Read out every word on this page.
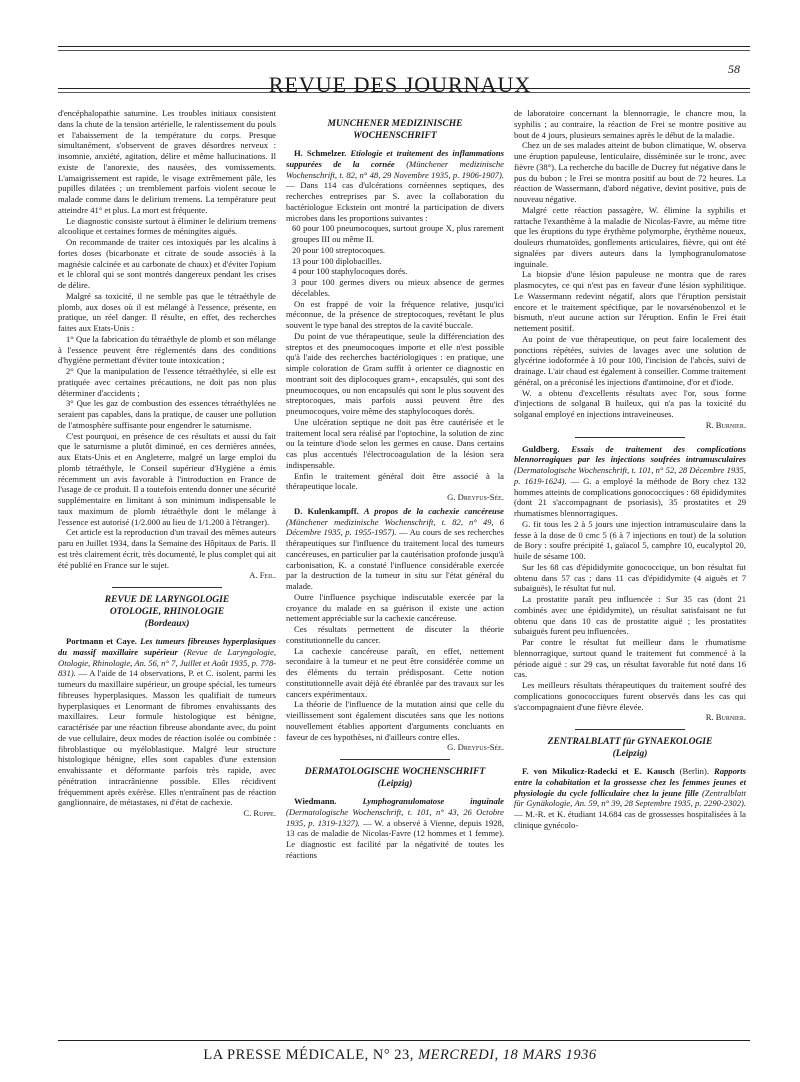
REVUE DES JOURNAUX
58

d'encéphalopathie saturnine. Les troubles initiaux consistent dans la chute de la tension artérielle, le ralentissement du pouls et l'abaissement de la température du corps. Presque simultanément, s'observent de graves désordres nerveux : insomnie, anxiété, agitation, délire et même hallucinations. Il existe de l'anorexie, des nausées, des vomissements. L'amaigrissement est rapide, le visage extrêmement pâle, les pupilles dilatées ; un tremblement parfois violent secoue le malade comme dans le delirium tremens. La température peut atteindre 41° et plus. La mort est fréquente.

Le diagnostic consiste surtout à éliminer le delirium tremens alcoolique et certaines formes de méningites aiguës.

On recommande de traiter ces intoxiqués par les alcalins à fortes doses (bicarbonate et citrate de soude associés à la magnésie calcinée et au carbonate de chaux) et d'éviter l'opium et le chloral qui se sont montrés dangereux pendant les crises de délire.

Malgré sa toxicité, il ne semble pas que le tétraéthyle de plomb, aux doses où il est mélangé à l'essence, présente, en pratique, un réel danger. Il résulte, en effet, des recherches faites aux Etats-Unis :

1° Que la fabrication du tétraéthyle de plomb et son mélange à l'essence peuvent être réglementés dans des conditions d'hygiène permettant d'éviter toute intoxication ;

2° Que la manipulation de l'essence tétraéthylée, si elle est pratiquée avec certaines précautions, ne doit pas non plus déterminer d'accidents ;

3° Que les gaz de combustion des essences tétraéthylées ne seraient pas capables, dans la pratique, de causer une pollution de l'atmosphère suffisante pour engendrer le saturnisme.

C'est pourquoi, en présence de ces résultats et aussi du fait que le saturnisme a plutôt diminué, en ces dernières années, aux Etats-Unis et en Angleterre, malgré un large emploi du plomb tétraéthyle, le Conseil supérieur d'Hygiène a émis récemment un avis favorable à l'introduction en France de l'usage de ce produit. Il a toutefois entendu donner une sécurité supplémentaire en limitant à son minimum indispensable le taux maximum de plomb tétraéthyle dont le mélange à l'essence est autorisé (1/2.000 au lieu de 1/1.200 à l'étranger).

Cet article est la reproduction d'un travail des mêmes auteurs paru en Juillet 1934, dans la Semaine des Hôpitaux de Paris. Il est très clairement écrit, très documenté, le plus complet qui ait été publié en France sur le sujet.

A. Feil.

REVUE DE LARYNGOLOGIE
OTOLOGIE, RHINOLOGIE
(Bordeaux)

Portmann et Caye. Les tumeurs fibreuses hyperplasiques du massif maxillaire supérieur (Revue de Laryngologie, Otologie, Rhinologie, An. 56, n° 7, Juillet et Août 1935, p. 778-831). — A l'aide de 14 observations, P. et C. isolent, parmi les tumeurs du maxillaire supérieur, un groupe spécial, les tumeurs fibreuses hyperplasiques. Masson les qualifiait de tumeurs hyperplasiques et Lenormant de fibromes envahissants des maxillaires. Leur formule histologique est bénigne, caractérisée par une réaction fibreuse abondante avec, du point de vue cellulaire, deux modes de réaction isolée ou combinée : fibroblastique ou myéloblastique. Malgré leur structure histologique bénigne, elles sont capables d'une extension envahissante et déformante parfois très rapide, avec pénétration intracrânienne possible. Elles récidivent fréquemment après exérèse. Elles n'entraînent pas de réaction ganglionnaire, de métastases, ni d'état de cachexie.

C. Ruppe.

MUNCHENER MEDIZINISCHE
WOCHENSCHRIFT

H. Schmelzer. Etiologie et traitement des inflammations suppurées de la cornée (Münchener medizinische Wochenschrift, t. 82, n° 48, 29 Novembre 1935, p. 1906-1907). — Dans 114 cas d'ulcérations cornéennes septiques, des recherches entreprises par S. avec la collaboration du bactériologue Eckstein ont montré la participation de divers microbes dans les proportions suivantes :

60 pour 100 pneumocoques, surtout groupe X, plus rarement groupes III ou même II.

20 pour 100 streptocoques.

13 pour 100 diplobacilles.

4 pour 100 staphylocoques dorés.

3 pour 100 germes divers ou mieux absence de germes décelables.

On est frappé de voir la fréquence relative, jusqu'ici méconnue, de la présence de streptocoques, revêtant le plus souvent le type banal des streptos de la cavité buccale.

Du point de vue thérapeutique, seule la différenciation des streptos et des pneumocoques importe et elle n'est possible qu'à l'aide des recherches bactériologiques : en pratique, une simple coloration de Gram suffit à orienter ce diagnostic en montrant soit des diplocoques gram+, encapsulés, qui sont des pneumocoques, ou non encapsulés qui sont le plus souvent des streptocoques, mais parfois aussi peuvent être des pneumocoques, voire même des staphylocoques dorés.

Une ulcération septique ne doit pas être cautérisée et le traitement local sera réalisé par l'optochine, la solution de zinc ou la teinture d'iode selon les germes en cause. Dans certains cas plus accentués l'électrocoagulation de la lésion sera indispensable.

Enfin le traitement général doit être associé à la thérapeutique locale.

G. Dreyfus-Sée.

D. Kulenkampff. A propos de la cachexie cancéreuse (Münchener medizinische Wochenschrift, t. 82, n° 49, 6 Décembre 1935, p. 1955-1957). — Au cours de ses recherches thérapeutiques sur l'influence du traitement local des tumeurs cancéreuses, en particulier par la cautérisation profonde jusqu'à carbonisation, K. a constaté l'influence considérable exercée par la destruction de la tumeur in situ sur l'état général du malade.

Outre l'influence psychique indiscutable exercée par la croyance du malade en sa guérison il existe une action nettement appréciable sur la cachexie cancéreuse.

Ces résultats permettent de discuter la théorie constitutionnelle du cancer.

La cachexie cancéreuse paraît, en effet, nettement secondaire à la tumeur et ne peut être considérée comme un des éléments du terrain prédisposant. Cette notion constitutionnelle avait déjà été ébranlée par des travaux sur les cancers expérimentaux.

La théorie de l'influence de la mutation ainsi que celle du vieillissement sont également discutées sans que les notions nouvellement établies apportent d'arguments concluants en faveur de ces hypothèses, ni d'ailleurs contre elles.

G. Dreyfus-Sée.

DERMATOLOGISCHE WOCHENSCHRIFT
(Leipzig)

Wiedmann.	Lymphogranulomatose inguinale (Dermatologische Wochenschrift, t. 101, n° 43, 26 Octobre 1935, p. 1319-1327). — W. a observé à Vienne, depuis 1928, 13 cas de maladie de Nicolas-Favre (12 hommes et 1 femme). Le diagnostic est facilité par la négativité de toutes les réactions

de laboratoire concernant la blennorragie, le chancre mou, la syphilis ; au contraire, la réaction de Frei se montre positive au bout de 4 jours, plusieurs semaines après le début de la maladie.

Chez un de ses malades atteint de bubon climatique, W. observa une éruption papuleuse, lenticulaire, disséminée sur le tronc, avec fièvre (38°). La recherche du bacille de Ducrey fut négative dans le pus du bubon ; le Frei se montra positif au bout de 72 heures. La réaction de Wassermann, d'abord négative, devint positive, puis de nouveau négative.

Malgré cette réaction passagère, W. élimine la syphilis et rattache l'exanthème à la maladie de Nicolas-Favre, au même titre que les éruptions du type érythème polymorphe, érythème noueux, douleurs rhumatoïdes, gonflements articulaires, fièvre, qui ont été signalées par divers auteurs dans la lymphogranulomatose inguinale.

La biopsie d'une lésion papuleuse ne montra que de rares plasmocytes, ce qui n'est pas en faveur d'une lésion syphilitique. Le Wassermann redevint négatif, alors que l'éruption persistait encore et le traitement spécifique, par le novarsénobenzol et le bismuth, n'eut aucune action sur l'éruption. Enfin le Frei était nettement positif.

Au point de vue thérapeutique, on peut faire localement des ponctions répétées, suivies de lavages avec une solution de glycérine iodoformée à 10 pour 100, l'incision de l'abcès, suivi de drainage. L'air chaud est également à conseiller. Comme traitement général, on a préconisé les injections d'antimoine, d'or et d'iode.

W. a obtenu d'excellents résultats avec l'or, sous forme d'injections de solganal B huileux, qui n'a pas la toxicité du solganal employé en injections intraveineuses.

R. Burnier.

Guldberg. Essais de traitement des complications blennorragiques par les injections soufrées intramusculaires (Dermatologische Wochenschrift, t. 101, n° 52, 28 Décembre 1935, p. 1619-1624). — G. a employé la méthode de Bory chez 132 hommes atteints de complications gonococciques : 68 épididymites (dont 21 s'accompagnant de psoriasis), 35 prostatites et 29 rhumatismes blennorragiques.

G. fit tous les 2 à 5 jours une injection intramusculaire dans la fesse à la dose de 0 cmc 5 (6 à 7 injections en tout) de la solution de Bory : soufre précipité 1, gaïacol 5, camphre 10, eucalyptol 20, huile de sésame 100.

Sur les 68 cas d'épididymite gonococcique, un bon résultat fut obtenu dans 57 cas ; dans 11 cas d'épididymite (4 aiguës et 7 subaiguës), le résultat fut nul.

La prostatite paraît peu influencée : Sur 35 cas (dont 21 combinés avec une épididymite), un résultat satisfaisant ne fut obtenu que dans 10 cas de prostatite aiguë ; les prostatites subaiguës furent peu influencées.

Par contre le résultat fut meilleur dans le rhumatisme blennorragique, surtout quand le traitement fut commencé à la période aiguë : sur 29 cas, un résultat favorable fut noté dans 16 cas.

Les meilleurs résultats thérapeutiques du traitement soufré des complications gonococciques furent observés dans les cas qui s'accompagnaient d'une fièvre élevée.

R. Burnier.

ZENTRALBLATT für GYNAEKOLOGIE
(Leipzig)

F. von Mikulicz-Radecki et E. Kausch (Berlin). Rapports entre la cohabitation et la grossesse chez les femmes jeunes et physiologie du cycle folliculaire chez la jeune fille (Zentralblatt für Gynäkologie, An. 59, n° 39, 28 Septembre 1935, p. 2290-2302). — M.-R. et K. étudiant 14.684 cas de grossesses hospitalisées à la clinique gynécolo-

LA PRESSE MÉDICALE, N° 23, MERCREDI, 18 MARS 1936
